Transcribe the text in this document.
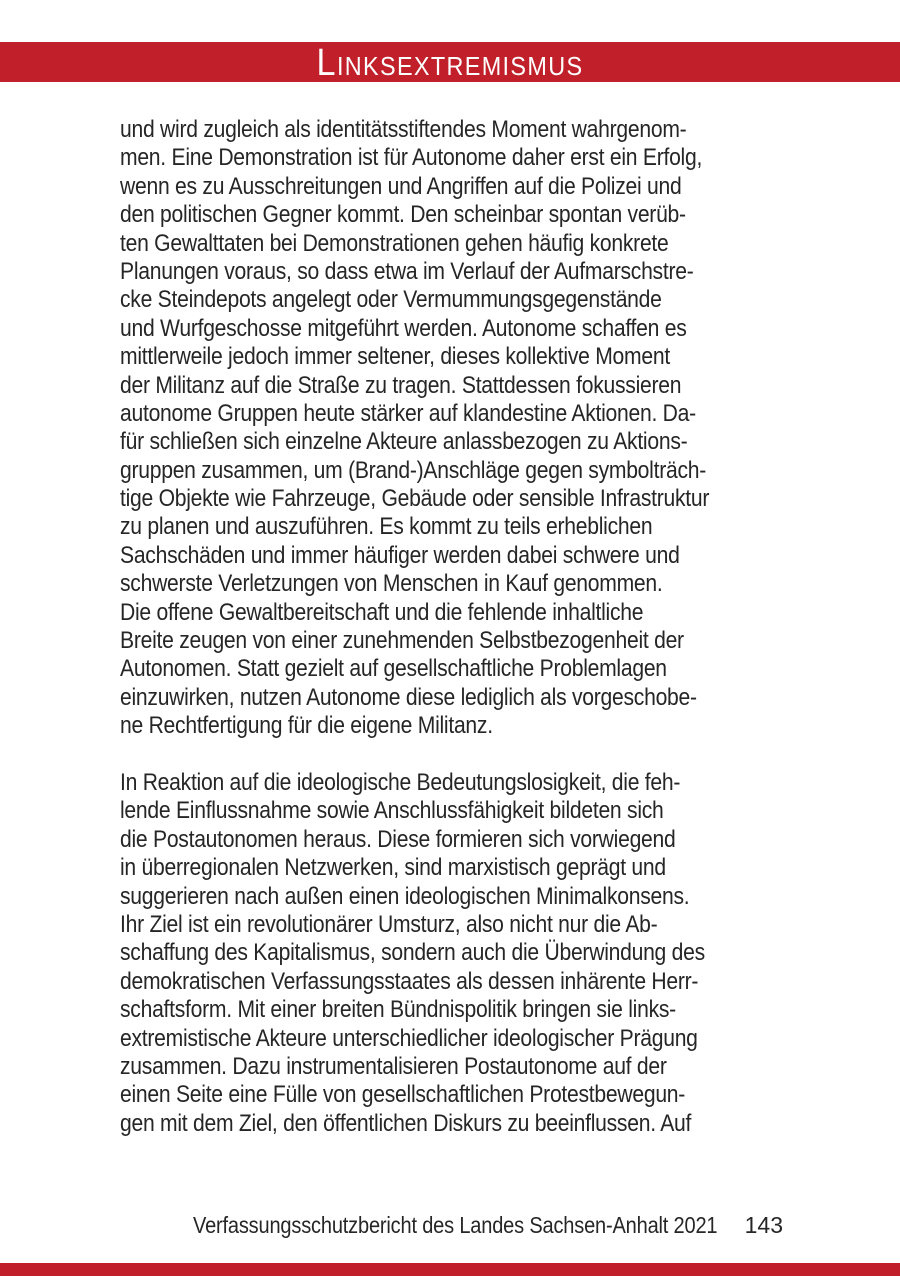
LINKSEXTREMISMUS
und wird zugleich als identitätsstiftendes Moment wahrgenom-
men. Eine Demonstration ist für Autonome daher erst ein Erfolg,
wenn es zu Ausschreitungen und Angriffen auf die Polizei und
den politischen Gegner kommt. Den scheinbar spontan verüb-
ten Gewalttaten bei Demonstrationen gehen häufig konkrete
Planungen voraus, so dass etwa im Verlauf der Aufmarschstre-
cke Steindepots angelegt oder Vermummungsgegenstände
und Wurfgeschosse mitgeführt werden. Autonome schaffen es
mittlerweile jedoch immer seltener, dieses kollektive Moment
der Militanz auf die Straße zu tragen. Stattdessen fokussieren
autonome Gruppen heute stärker auf klandestine Aktionen. Da-
für schließen sich einzelne Akteure anlassbezogen zu Aktions-
gruppen zusammen, um (Brand-)Anschläge gegen symbolträch-
tige Objekte wie Fahrzeuge, Gebäude oder sensible Infrastruktur
zu planen und auszuführen. Es kommt zu teils erheblichen
Sachschäden und immer häufiger werden dabei schwere und
schwerste Verletzungen von Menschen in Kauf genommen.
Die offene Gewaltbereitschaft und die fehlende inhaltliche
Breite zeugen von einer zunehmenden Selbstbezogenheit der
Autonomen. Statt gezielt auf gesellschaftliche Problemlagen
einzuwirken, nutzen Autonome diese lediglich als vorgeschobe-
ne Rechtfertigung für die eigene Militanz.
In Reaktion auf die ideologische Bedeutungslosigkeit, die feh-
lende Einflussnahme sowie Anschlussfähigkeit bildeten sich
die Postautonomen heraus. Diese formieren sich vorwiegend
in überregionalen Netzwerken, sind marxistisch geprägt und
suggerieren nach außen einen ideologischen Minimalkonsens.
Ihr Ziel ist ein revolutionärer Umsturz, also nicht nur die Ab-
schaffung des Kapitalismus, sondern auch die Überwindung des
demokratischen Verfassungsstaates als dessen inhärente Herr-
schaftsform. Mit einer breiten Bündnispolitik bringen sie links-
extremistische Akteure unterschiedlicher ideologischer Prägung
zusammen. Dazu instrumentalisieren Postautonome auf der
einen Seite eine Fülle von gesellschaftlichen Protestbewegun-
gen mit dem Ziel, den öffentlichen Diskurs zu beeinflussen. Auf
Verfassungsschutzbericht des Landes Sachsen-Anhalt 2021	143
